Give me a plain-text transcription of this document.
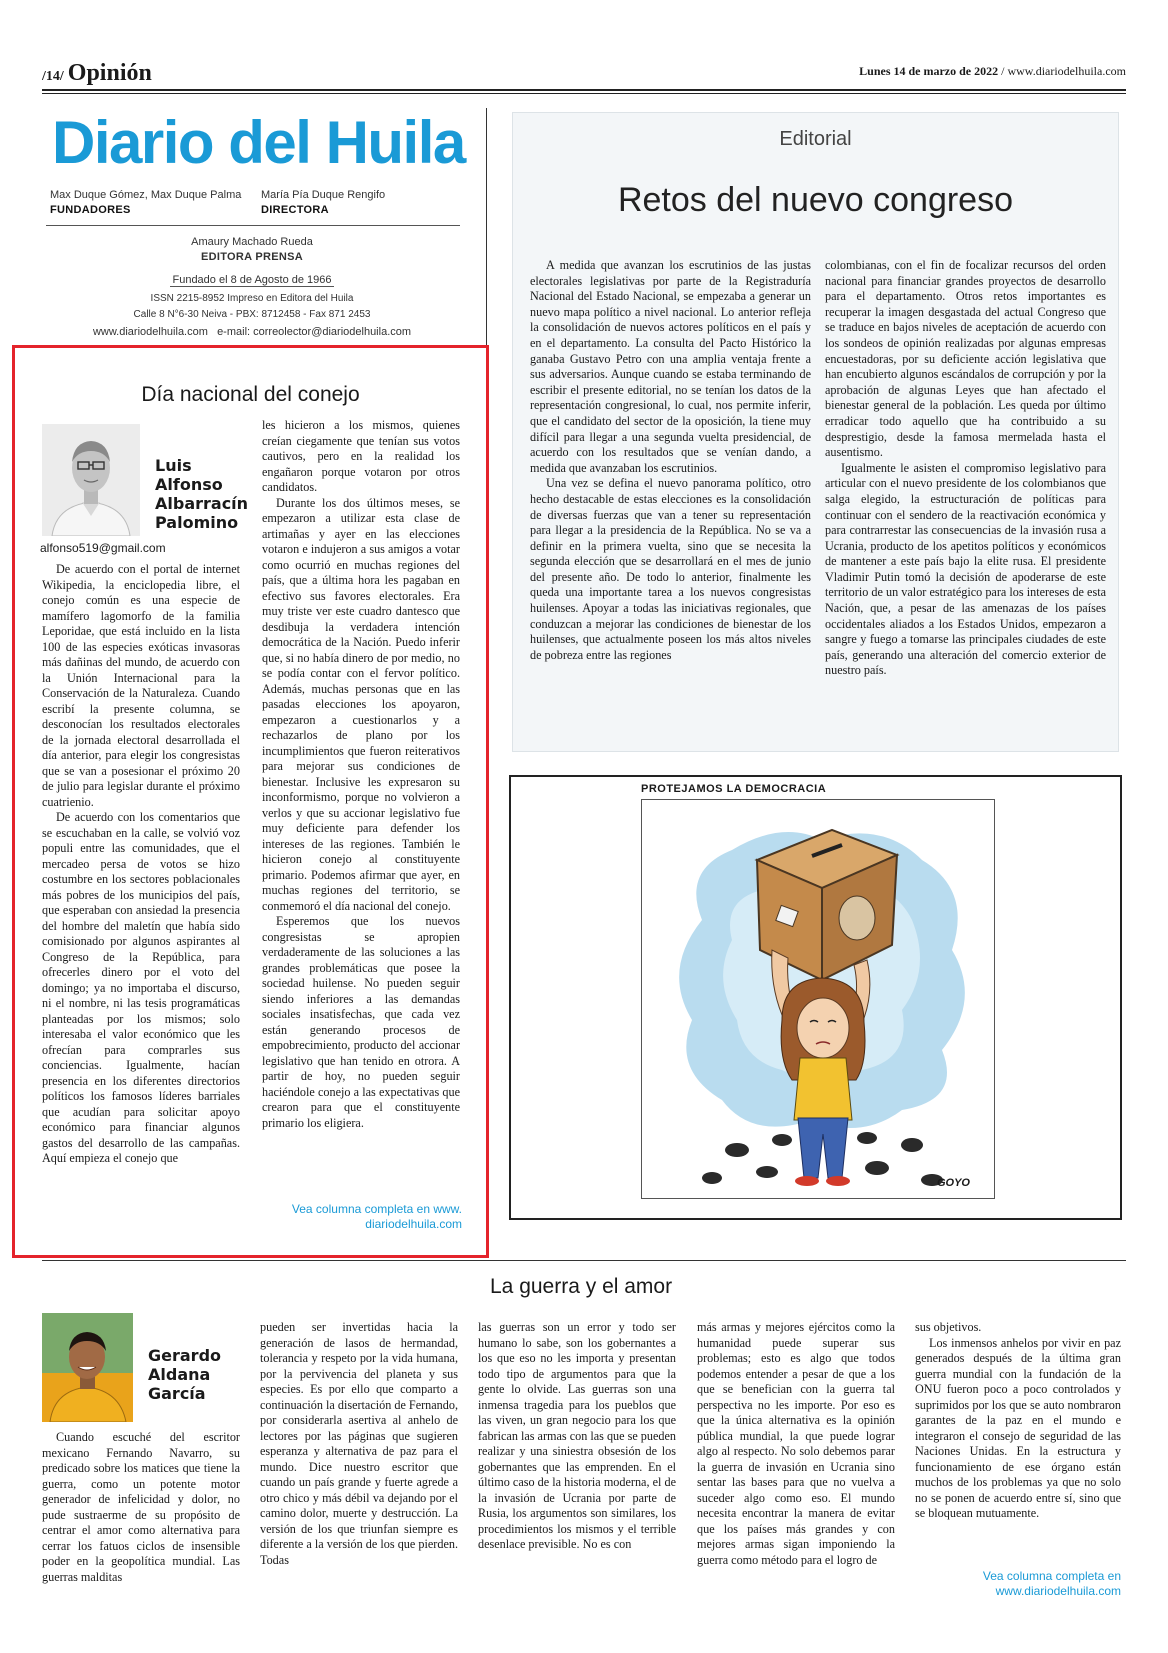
/14/ Opinión	Lunes 14 de marzo de 2022 / www.diariodelhuila.com
Diario del Huila
Max Duque Gómez, Max Duque Palma
FUNDADORES
María Pía Duque Rengifo
DIRECTORA
Amaury Machado Rueda
EDITORA PRENSA
Fundado el 8 de Agosto de 1966
ISSN 2215-8952 Impreso en Editora del Huila
Calle 8 N°6-30 Neiva - PBX: 8712458 - Fax 871 2453
www.diariodelhuila.com   e-mail: correolector@diariodelhuila.com
Editorial
Retos del nuevo congreso

A medida que avanzan los escrutinios de las justas electorales legislativas por parte de la Registraduría Nacional del Estado Nacional, se empezaba a generar un nuevo mapa político a nivel nacional. Lo anterior refleja la consolidación de nuevos actores políticos en el país y en el departamento. La consulta del Pacto Histórico la ganaba Gustavo Petro con una amplia ventaja frente a sus adversarios. Aunque cuando se estaba terminando de escribir el presente editorial, no se tenían los datos de la representación congresional, lo cual, nos permite inferir, que el candidato del sector de la oposición, la tiene muy difícil para llegar a una segunda vuelta presidencial, de acuerdo con los resultados que se venían dando, a medida que avanzaban los escrutinios.

Una vez se defina el nuevo panorama político, otro hecho destacable de estas elecciones es la consolidación de diversas fuerzas que van a tener su representación para llegar a la presidencia de la República. No se va a definir en la primera vuelta, sino que se necesita la segunda elección que se desarrollará en el mes de junio del presente año. De todo lo anterior, finalmente les queda una importante tarea a los nuevos congresistas huilenses. Apoyar a todas las iniciativas regionales, que conduzcan a mejorar las condiciones de bienestar de los huilenses, que actualmente poseen los más altos niveles de pobreza entre las regiones

colombianas, con el fin de focalizar recursos del orden nacional para financiar grandes proyectos de desarrollo para el departamento. Otros retos importantes es recuperar la imagen desgastada del actual Congreso que se traduce en bajos niveles de aceptación de acuerdo con los sondeos de opinión realizadas por algunas empresas encuestadoras, por su deficiente acción legislativa que han encubierto algunos escándalos de corrupción y por la aprobación de algunas Leyes que han afectado el bienestar general de la población. Les queda por último erradicar todo aquello que ha contribuido a su desprestigio, desde la famosa mermelada hasta el ausentismo.

Igualmente le asisten el compromiso legislativo para articular con el nuevo presidente de los colombianos que salga elegido, la estructuración de políticas para continuar con el sendero de la reactivación económica y para contrarrestar las consecuencias de la invasión rusa a Ucrania, producto de los apetitos políticos y económicos de mantener a este país bajo la elite rusa. El presidente Vladimir Putin tomó la decisión de apoderarse de este territorio de un valor estratégico para los intereses de esta Nación, que, a pesar de las amenazas de los países occidentales aliados a los Estados Unidos, empezaron a sangre y fuego a tomarse las principales ciudades de este país, generando una alteración del comercio exterior de nuestro país.

Día nacional del conejo
Luis
Alfonso
Albarracín
Palomino
alfonso519@gmail.com

De acuerdo con el portal de internet Wikipedia, la enciclopedia libre, el conejo común es una especie de mamífero lagomorfo de la familia Leporidae, que está incluido en la lista 100 de las especies exóticas invasoras más dañinas del mundo, de acuerdo con la Unión Internacional para la Conservación de la Naturaleza. Cuando escribí la presente columna, se desconocían los resultados electorales de la jornada electoral desarrollada el día anterior, para elegir los congresistas que se van a posesionar el próximo 20 de julio para legislar durante el próximo cuatrienio.

De acuerdo con los comentarios que se escuchaban en la calle, se volvió voz populi entre las comunidades, que el mercadeo persa de votos se hizo costumbre en los sectores poblacionales más pobres de los municipios del país, que esperaban con ansiedad la presencia del hombre del maletín que había sido comisionado por algunos aspirantes al Congreso de la República, para ofrecerles dinero por el voto del domingo; ya no importaba el discurso, ni el nombre, ni las tesis programáticas planteadas por los mismos; solo interesaba el valor económico que les ofrecían para comprarles sus conciencias. Igualmente, hacían presencia en los diferentes directorios políticos los famosos líderes barriales que acudían para solicitar apoyo económico para financiar algunos gastos del desarrollo de las campañas. Aquí empieza el conejo que

les hicieron a los mismos, quienes creían ciegamente que tenían sus votos cautivos, pero en la realidad los engañaron porque votaron por otros candidatos.

Durante los dos últimos meses, se empezaron a utilizar esta clase de artimañas y ayer en las elecciones votaron e indujeron a sus amigos a votar como ocurrió en muchas regiones del país, que a última hora les pagaban en efectivo sus favores electorales. Era muy triste ver este cuadro dantesco que desdibuja la verdadera intención democrática de la Nación. Puedo inferir que, si no había dinero de por medio, no se podía contar con el fervor político. Además, muchas personas que en las pasadas elecciones los apoyaron, empezaron a cuestionarlos y a rechazarlos de plano por los incumplimientos que fueron reiterativos para mejorar sus condiciones de bienestar. Inclusive les expresaron su inconformismo, porque no volvieron a verlos y que su accionar legislativo fue muy deficiente para defender los intereses de las regiones. También le hicieron conejo al constituyente primario. Podemos afirmar que ayer, en muchas regiones del territorio, se conmemoró el día nacional del conejo.

Esperemos que los nuevos congresistas se apropien verdaderamente de las soluciones a las grandes problemáticas que posee la sociedad huilense. No pueden seguir siendo inferiores a las demandas sociales insatisfechas, que cada vez están generando procesos de empobrecimiento, producto del accionar legislativo que han tenido en otrora. A partir de hoy, no pueden seguir haciéndole conejo a las expectativas que crearon para que el constituyente primario los eligiera.

Vea columna completa en www.
diariodelhuila.com
PROTEJAMOS LA DEMOCRACIA
GOYO
La guerra y el amor
Gerardo
Aldana
García

Cuando escuché del escritor mexicano Fernando Navarro, su predicado sobre los matices que tiene la guerra, como un potente motor generador de infelicidad y dolor, no pude sustraerme de su propósito de centrar el amor como alternativa para cerrar los fatuos ciclos de insensible poder en la geopolítica mundial. Las guerras malditas

pueden ser invertidas hacia la generación de lasos de hermandad, tolerancia y respeto por la vida humana, por la pervivencia del planeta y sus especies. Es por ello que comparto a continuación la disertación de Fernando, por considerarla asertiva al anhelo de lectores por las páginas que sugieren esperanza y alternativa de paz para el mundo. Dice nuestro escritor que cuando un país grande y fuerte agrede a otro chico y más débil va dejando por el camino dolor, muerte y destrucción. La versión de los que triunfan siempre es diferente a la versión de los que pierden. Todas

las guerras son un error y todo ser humano lo sabe, son los gobernantes a los que eso no les importa y presentan todo tipo de argumentos para que la gente lo olvide. Las guerras son una inmensa tragedia para los pueblos que las viven, un gran negocio para los que fabrican las armas con las que se pueden realizar y una siniestra obsesión de los gobernantes que las emprenden. En el último caso de la historia moderna, el de la invasión de Ucrania por parte de Rusia, los argumentos son similares, los procedimientos los mismos y el terrible desenlace previsible. No es con

más armas y mejores ejércitos como la humanidad puede superar sus problemas; esto es algo que todos podemos entender a pesar de que a los que se benefician con la guerra tal perspectiva no les importe. Por eso es que la única alternativa es la opinión pública mundial, la que puede lograr algo al respecto. No solo debemos parar la guerra de invasión en Ucrania sino sentar las bases para que no vuelva a suceder algo como eso. El mundo necesita encontrar la manera de evitar que los países más grandes y con mejores armas sigan imponiendo la guerra como método para el logro de

sus objetivos.

Los inmensos anhelos por vivir en paz generados después de la última gran guerra mundial con la fundación de la ONU fueron poco a poco controlados y suprimidos por los que se auto nombraron garantes de la paz en el mundo e integraron el consejo de seguridad de las Naciones Unidas. En la estructura y funcionamiento de ese órgano están muchos de los problemas ya que no solo no se ponen de acuerdo entre sí, sino que se bloquean mutuamente.

Vea columna completa en
www.diariodelhuila.com
